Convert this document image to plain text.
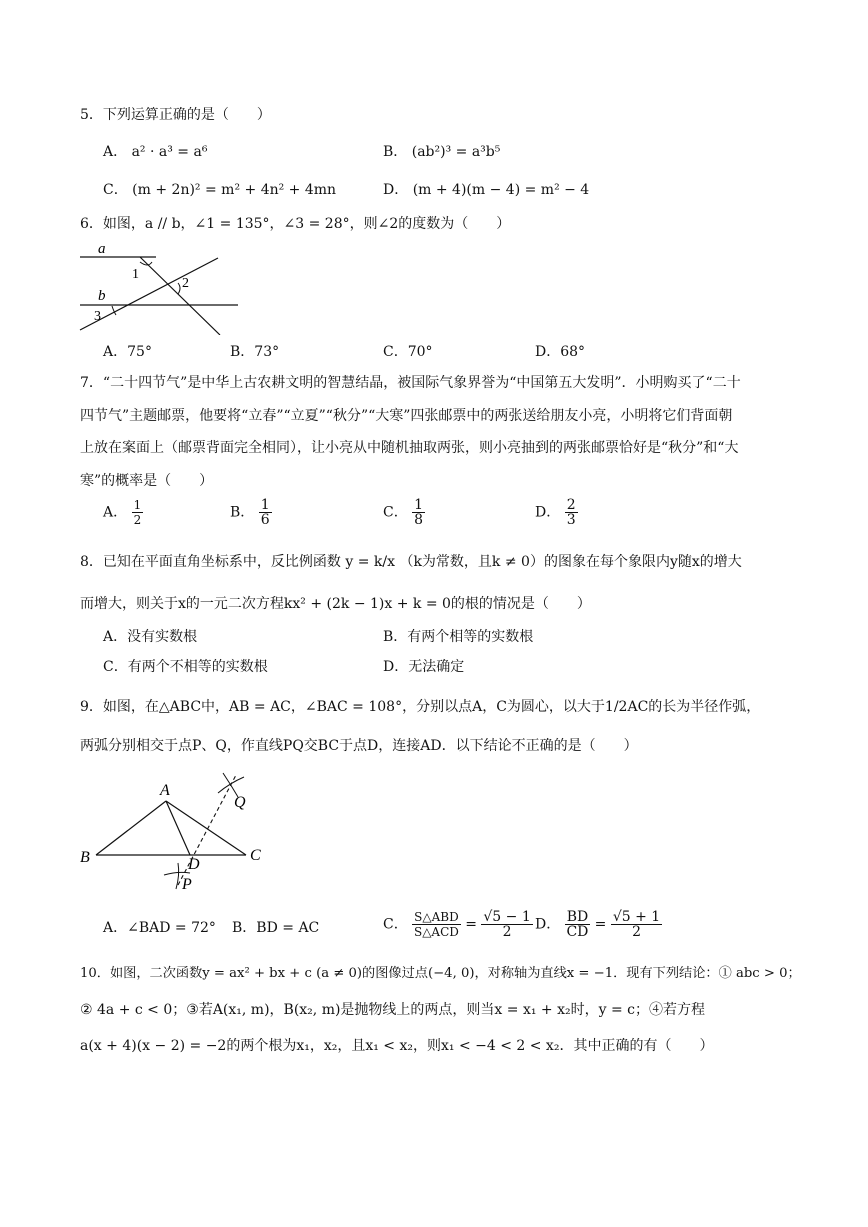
5．下列运算正确的是（　　）
A． a² · a³ = a⁶	B． (ab²)³ = a³b⁵
C． (m + 2n)² = m² + 4n² + 4mn	D． (m + 4)(m − 4) = m² − 4
6．如图，a // b，∠1 = 135°，∠3 = 28°，则∠2的度数为（　　）
a
1
2
b
3
A．75°	B．73°	C．70°	D．68°
7．“二十四节气”是中华上古农耕文明的智慧结晶，被国际气象界誉为“中国第五大发明”．小明购买了“二十
四节气”主题邮票，他要将“立春”“立夏”“秋分”“大寒”四张邮票中的两张送给朋友小亮，小明将它们背面朝
上放在案面上（邮票背面完全相同），让小亮从中随机抽取两张，则小亮抽到的两张邮票恰好是“秋分”和“大
寒”的概率是（　　）
A． $\frac{1}{2}$	B． $\frac{1}{6}$	C． $\frac{1}{8}$	D． $\frac{2}{3}$
8．已知在平面直角坐标系中，反比例函数 y = k/x （k为常数，且k ≠ 0）的图象在每个象限内y随x的增大
而增大，则关于x的一元二次方程kx² + (2k − 1)x + k = 0的根的情况是（　　）
A．没有实数根	B．有两个相等的实数根
C．有两个不相等的实数根	D．无法确定
9．如图，在△ABC中，AB = AC，∠BAC = 108°，分别以点A，C为圆心，以大于1/2AC的长为半径作弧，
两弧分别相交于点P、Q，作直线PQ交BC于点D，连接AD．以下结论不正确的是（　　）
A
Q
B	D
C
P
A．∠BAD = 72° B．BD = AC	C． $\frac{\text{S△ABD}}{\text{S△ACD}} = \frac{√5 - 1}{2}$ D． $\frac{BD}{CD} = \frac{√5 + 1}{2}$
10．如图，二次函数y = ax² + bx + c (a ≠ 0)的图像过点(−4, 0)，对称轴为直线x = −1．现有下列结论：① abc > 0；
② 4a + c < 0；③若A(x₁, m)，B(x₂, m)是抛物线上的两点，则当x = x₁ + x₂时，y = c；④若方程
a(x + 4)(x − 2) = −2的两个根为x₁，x₂，且x₁ < x₂，则x₁ < −4 < 2 < x₂．其中正确的有（　　）
